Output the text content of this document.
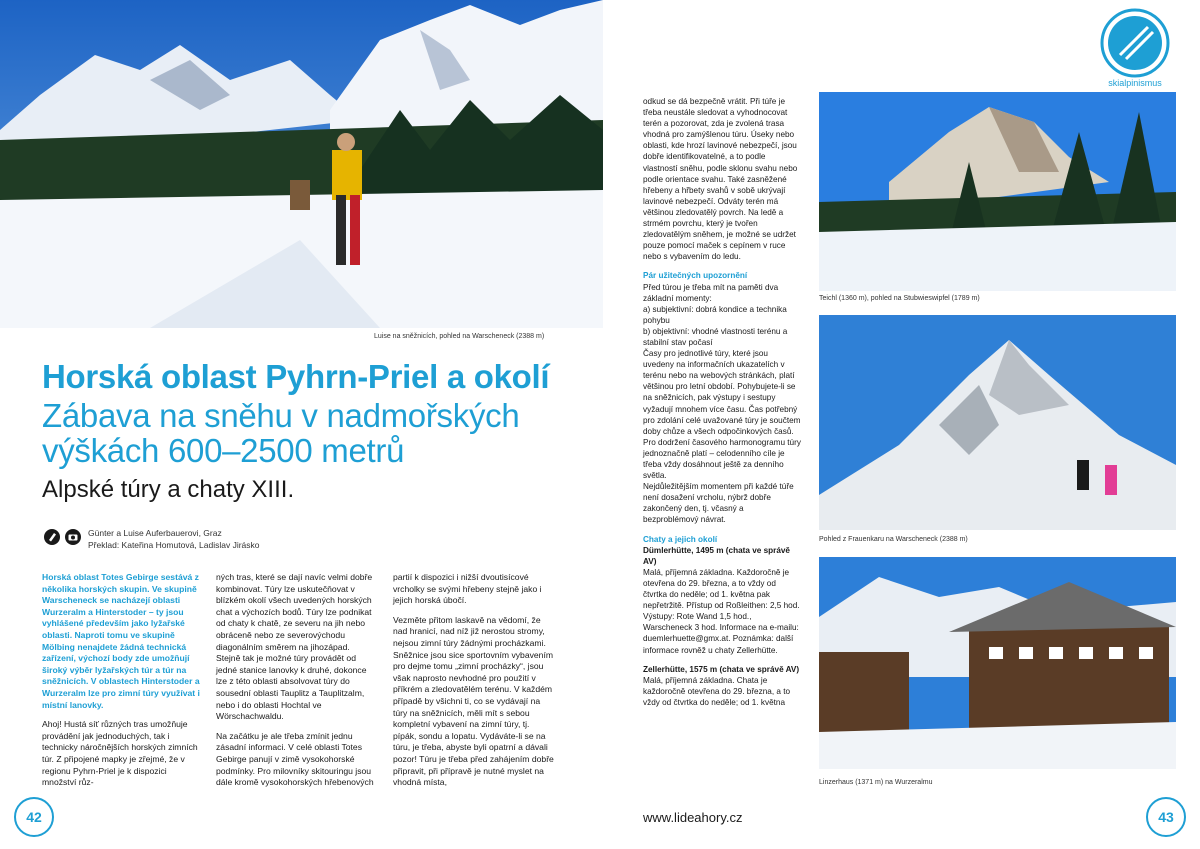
Luise na sněžnicích, pohled na Warscheneck (2388 m)
Horská oblast Pyhrn-Priel a okolí
Zábava na sněhu v nadmořských výškách 600–2500 metrů
Alpské túry a chaty XIII.
Günter a Luise Auferbauerovi, Graz
Překlad: Kateřina Homutová, Ladislav Jirásko

Horská oblast Totes Gebirge sestává z několika horských skupin. Ve skupině Warscheneck se nacházejí oblasti Wurzeralm a Hinterstoder – ty jsou vyhlášené především jako lyžařské oblasti. Naproti tomu ve skupině Mölbing nenajdete žádná technická zařízení, výchozí body zde umožňují široký výběr lyžařských túr a túr na sněžnicích. V oblastech Hinterstoder a Wurzeralm lze pro zimní túry využívat i místní lanovky.

Ahoj! Hustá síť různých tras umožňuje provádění jak jednoduchých, tak i technicky náročnějších horských zimních túr. Z připojené mapky je zřejmé, že v regionu Pyhrn-Priel je k dispozici množství růz-

ných tras, které se dají navíc velmi dobře kombinovat. Túry lze uskutečňovat v blízkém okolí všech uvedených horských chat a výchozích bodů. Túry lze podnikat od chaty k chatě, ze severu na jih nebo obráceně nebo ze severovýchodu diagonálním směrem na jihozápad. Stejně tak je možné túry provádět od jedné stanice lanovky k druhé, dokonce lze z této oblasti absolvovat túry do sousední oblasti Tauplitz a Tauplitzalm, nebo i do oblasti Hochtal ve Wörschachwaldu.

Na začátku je ale třeba zmínit jednu zásadní informaci. V celé oblasti Totes Gebirge panují v zimě vysokohorské podmínky. Pro milovníky skitouringu jsou dále kromě vysokohorských hřebenových

partií k dispozici i nižší dvoutisícové vrcholky se svými hřebeny stejně jako i jejich horská úbočí.

Vezměte přitom laskavě na vědomí, že nad hranicí, nad níž již nerostou stromy, nejsou zimní túry žádnými procházkami. Sněžnice jsou sice sportovním vybavením pro dejme tomu „zimní procházky“, jsou však naprosto nevhodné pro použití v příkrém a zledovatělém terénu. V každém případě by všichni ti, co se vydávají na túry na sněžnicích, měli mít s sebou kompletní vybavení na zimní túry, tj. pípák, sondu a lopatu. Vydáváte-li se na túru, je třeba, abyste byli opatrní a dávali pozor! Túru je třeba před zahájením dobře připravit, při přípravě je nutné myslet na vhodná místa,

odkud se dá bezpečně vrátit. Při túře je třeba neustále sledovat a vyhodnocovat terén a pozorovat, zda je zvolená trasa vhodná pro zamýšlenou túru. Úseky nebo oblasti, kde hrozí lavinové nebezpečí, jsou dobře identifikovatelné, a to podle vlastností sněhu, podle sklonu svahu nebo podle orientace svahu. Také zasněžené hřebeny a hřbety svahů v sobě ukrývají lavinové nebezpečí. Odváty terén má většinou zledovatělý povrch. Na ledě a strmém povrchu, který je tvořen zledovatělým sněhem, je možné se udržet pouze pomocí maček s cepínem v ruce nebo s vybavením do ledu.

Pár užitečných upozornění
Před túrou je třeba mít na paměti dva základní momenty:
a) subjektivní: dobrá kondice a technika pohybu
b) objektivní: vhodné vlastnosti terénu a stabilní stav počasí
Časy pro jednotlivé túry, které jsou uvedeny na informačních ukazatelích v terénu nebo na webových stránkách, platí většinou pro letní období. Pohybujete-li se na sněžnicích, pak výstupy i sestupy vyžadují mnohem více času. Čas potřebný pro zdolání celé uvažované túry je součtem doby chůze a všech odpočinkových časů.
Pro dodržení časového harmonogramu túry jednoznačně platí – celodenního cíle je třeba vždy dosáhnout ještě za denního světla.

Nejdůležitějším momentem při každé túře není dosažení vrcholu, nýbrž dobře zakončený den, tj. včasný a bezproblémový návrat.

Chaty a jejich okolí
Dümlerhütte, 1495 m (chata ve správě AV)

Malá, příjemná základna. Každoročně je otevřena do 29. března, a to vždy od čtvrtka do neděle; od 1. května pak nepřetržitě. Přístup od Roßleithen: 2,5 hod. Výstupy: Rote Wand 1,5 hod., Warscheneck 3 hod. Informace na e-mailu: duemlerhuette@gmx.at. Poznámka: další informace rovněž u chaty Zellerhütte.

Zellerhütte, 1575 m (chata ve správě AV)
Malá, příjemná základna. Chata je každoročně otevřena do 29. března, a to vždy od čtvrtka do neděle; od 1. května
skialpinismus
Teichl (1360 m), pohled na Stubwieswipfel (1789 m)
Pohled z Frauenkaru na Warscheneck (2388 m)
Linzerhaus (1371 m) na Wurzeralmu
42	www.lideahory.cz	43
